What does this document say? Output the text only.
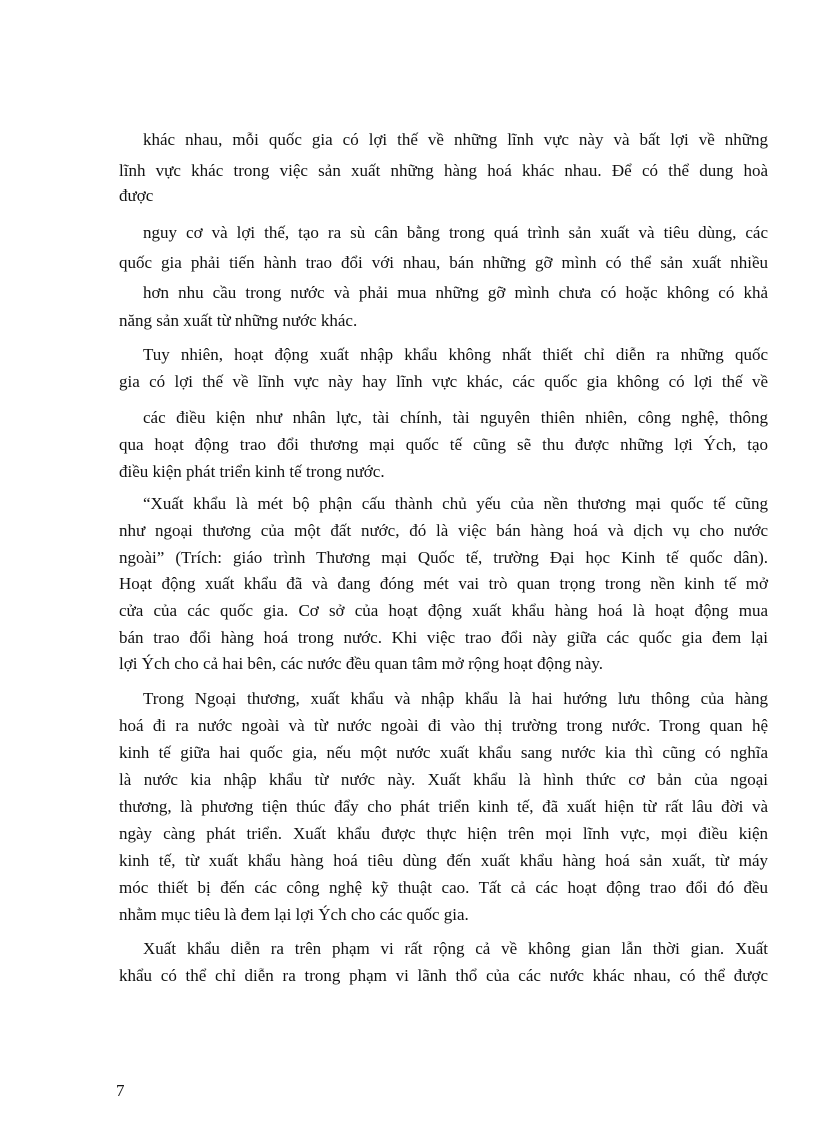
khác nhau, mỗi quốc gia có lợi thế về những lĩnh vực này và bất lợi về những
lĩnh vực khác trong việc sản xuất những hàng hoá khác nhau. Để có thể dung hoà
được
nguy cơ và lợi thế, tạo ra sù cân bằng trong quá trình sản xuất và tiêu dùng, các
quốc gia phải tiến hành trao đổi với nhau, bán những gỡ mình có thể sản xuất nhiều
hơn nhu cầu trong nước và phải mua những gỡ mình chưa có hoặc không có khả
năng sản xuất từ những nước khác.
Tuy nhiên, hoạt động xuất nhập khẩu không nhất thiết chỉ diễn ra những quốc
gia có lợi thế về lĩnh vực này hay lĩnh vực khác, các quốc gia không có lợi thế về
các điều kiện như nhân lực, tài chính, tài nguyên thiên nhiên, công nghệ, thông
qua hoạt động trao đổi thương mại quốc tế cũng sẽ thu được những lợi Ých, tạo
điều kiện phát triển kinh tế trong nước.
“Xuất khẩu là mét bộ phận cấu thành chủ yếu của nền thương mại quốc tế cũng
như ngoại thương của một đất nước, đó là việc bán hàng hoá và dịch vụ cho nước
ngoài” (Trích: giáo trình Thương mại Quốc tế, trường Đại học Kinh tế quốc dân).
Hoạt động xuất khẩu đã và đang đóng mét vai trò quan trọng trong nền kinh tế mở
cửa của các quốc gia. Cơ sở của hoạt động xuất khẩu hàng hoá là hoạt động mua
bán trao đổi hàng hoá trong nước. Khi việc trao đổi này giữa các quốc gia đem lại
lợi Ých cho cả hai bên, các nước đều quan tâm mở rộng hoạt động này.
Trong Ngoại thương, xuất khẩu và nhập khẩu là hai hướng lưu thông của hàng
hoá đi ra nước ngoài và từ nước ngoài đi vào thị trường trong nước. Trong quan hệ
kinh tế giữa hai quốc gia, nếu một nước xuất khẩu sang nước kia thì cũng có nghĩa
là nước kia nhập khẩu từ nước này. Xuất khẩu là hình thức cơ bản của ngoại
thương, là phương tiện thúc đẩy cho phát triển kinh tế, đã xuất hiện từ rất lâu đời và
ngày càng phát triển. Xuất khẩu được thực hiện trên mọi lĩnh vực, mọi điều kiện
kinh tế, từ xuất khẩu hàng hoá tiêu dùng đến xuất khẩu hàng hoá sản xuất, từ máy
móc thiết bị đến các công nghệ kỹ thuật cao. Tất cả các hoạt động trao đổi đó đều
nhằm mục tiêu là đem lại lợi Ých cho các quốc gia.
Xuất khẩu diễn ra trên phạm vi rất rộng cả về không gian lẫn thời gian. Xuất
khẩu có thể chỉ diễn ra trong phạm vi lãnh thổ của các nước khác nhau, có thể được
7
